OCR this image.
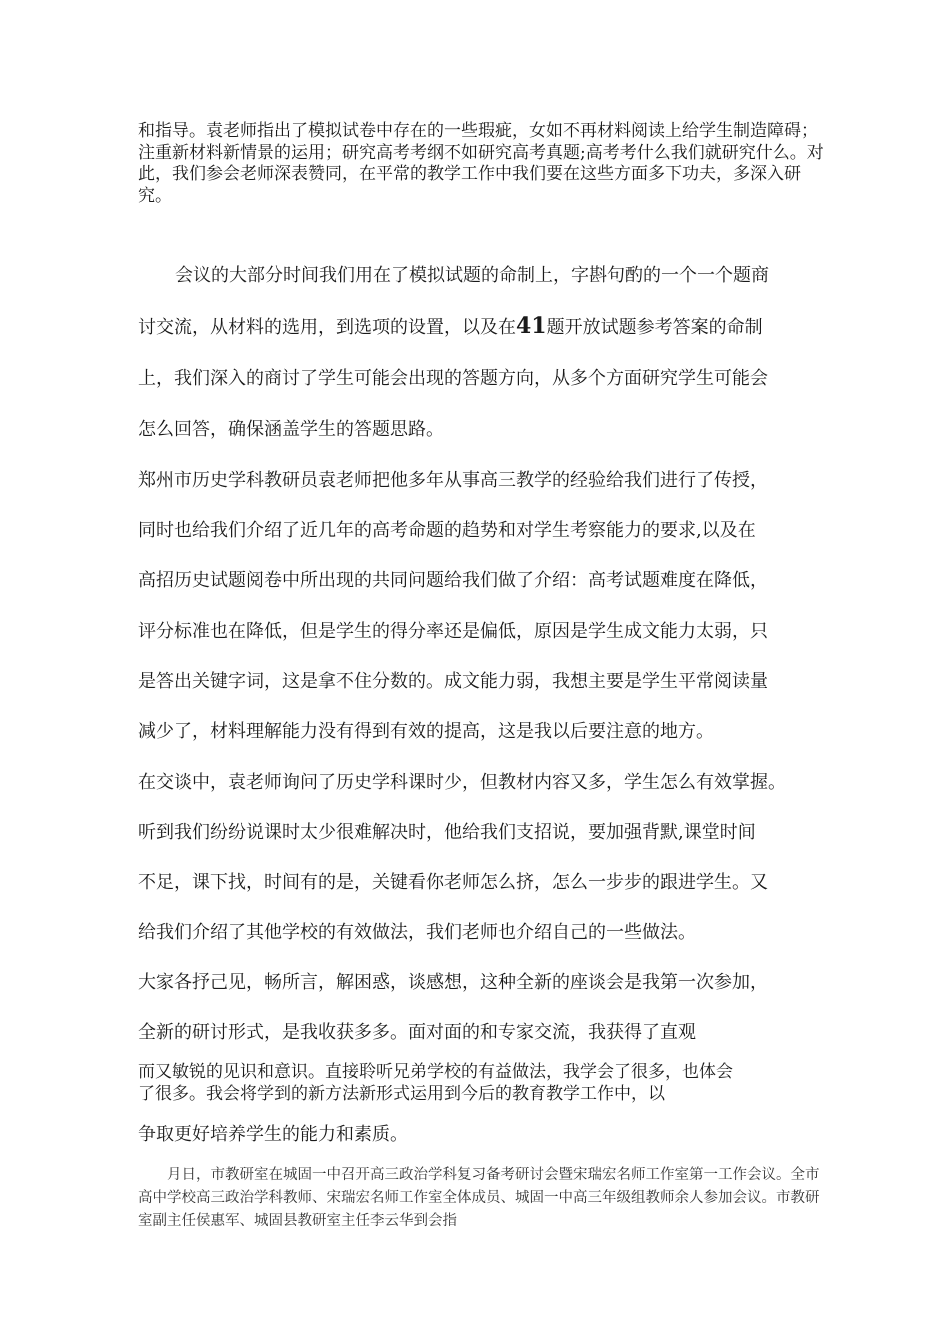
和指导。袁老师指出了模拟试卷中存在的一些瑕疵，女如不再材料阅读上给学生制造障碍；注重新材料新情景的运用；研究高考考纲不如研究高考真题;高考考什么我们就研究什么。对此，我们参会老师深表赞同，在平常的教学工作中我们要在这些方面多下功夫，多深入研究。

会议的大部分时间我们用在了模拟试题的命制上，字斟句酌的一个一个题商

讨交流，从材料的选用，到选项的设置，以及在41题开放试题参考答案的命制

上，我们深入的商讨了学生可能会出现的答题方向，从多个方面研究学生可能会

怎么回答，确保涵盖学生的答题思路。

郑州市历史学科教研员袁老师把他多年从事高三教学的经验给我们进行了传授，

同时也给我们介绍了近几年的高考命题的趋势和对学生考察能力的要求,以及在

高招历史试题阅卷中所出现的共同问题给我们做了介绍：高考试题难度在降低，

评分标准也在降低，但是学生的得分率还是偏低，原因是学生成文能力太弱，只

是答出关键字词，这是拿不住分数的。成文能力弱，我想主要是学生平常阅读量

减少了，材料理解能力没有得到有效的提高，这是我以后要注意的地方。

在交谈中，袁老师询问了历史学科课时少，但教材内容又多，学生怎么有效掌握。

听到我们纷纷说课时太少很难解决时，他给我们支招说，要加强背默,课堂时间

不足，课下找，时间有的是，关键看你老师怎么挤，怎么一步步的跟进学生。又

给我们介绍了其他学校的有效做法，我们老师也介绍自己的一些做法。

大家各抒己见，畅所言，解困惑，谈感想，这种全新的座谈会是我第一次参加，

全新的研讨形式，是我收获多多。面对面的和专家交流，我获得了直观

而又敏锐的见识和意识。直接聆听兄弟学校的有益做法，我学会了很多，也体会

了很多。我会将学到的新方法新形式运用到今后的教育教学工作中，以

争取更好培养学生的能力和素质。

月日，市教研室在城固一中召开高三政治学科复习备考研讨会暨宋瑞宏名师工作室第一工作会议。全市高中学校高三政治学科教师、宋瑞宏名师工作室全体成员、城固一中高三年级组教师余人参加会议。市教研室副主任侯惠军、城固县教研室主任李云华到会指
